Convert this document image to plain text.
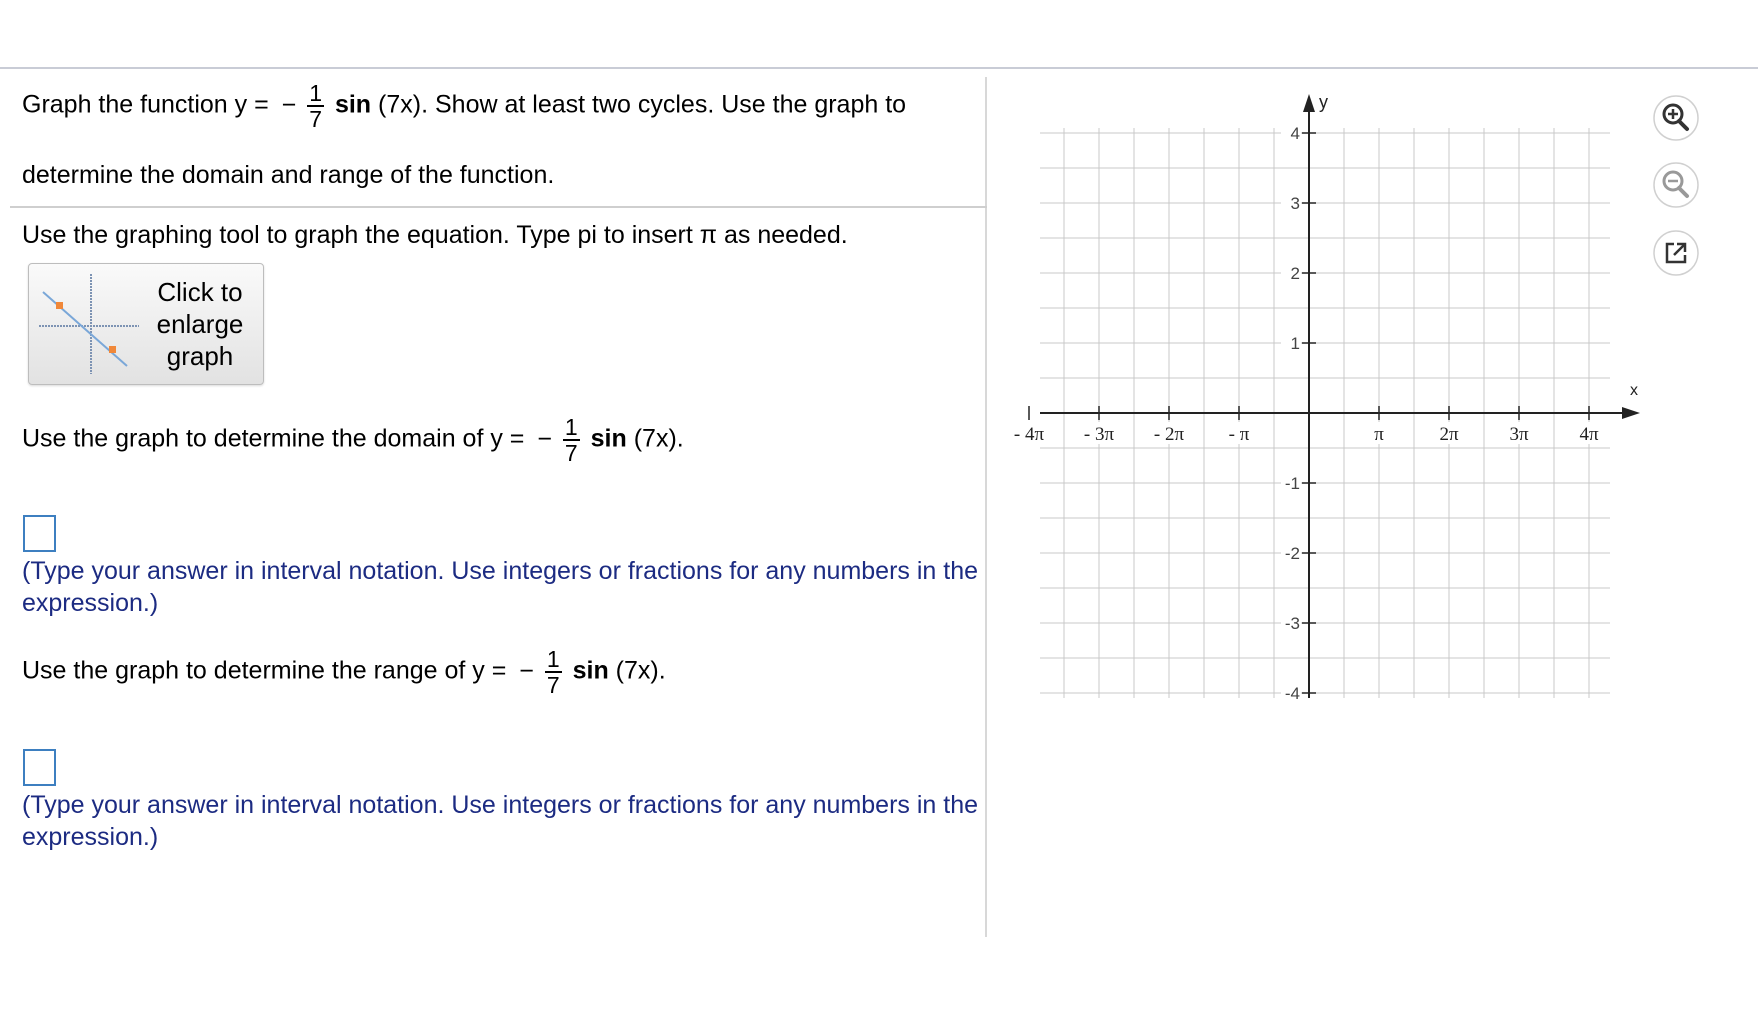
Graph the function y = − $\frac{1}{7}$ sin (7x). Show at least two cycles. Use the graph to
determine the domain and range of the function.
Use the graphing tool to graph the equation. Type pi to insert π as needed.
Click to
enlarge
graph
Use the graph to determine the domain of y = − $\frac{1}{7}$ sin (7x).
(Type your answer in interval notation. Use integers or fractions for any numbers in the expression.)
Use the graph to determine the range of y = − $\frac{1}{7}$ sin (7x).
(Type your answer in interval notation. Use integers or fractions for any numbers in the expression.)
x
y
- 4π - 3π - 2π - π	π	2π	3π	4π
4
3
2
1
-1
-2
-3
-4
